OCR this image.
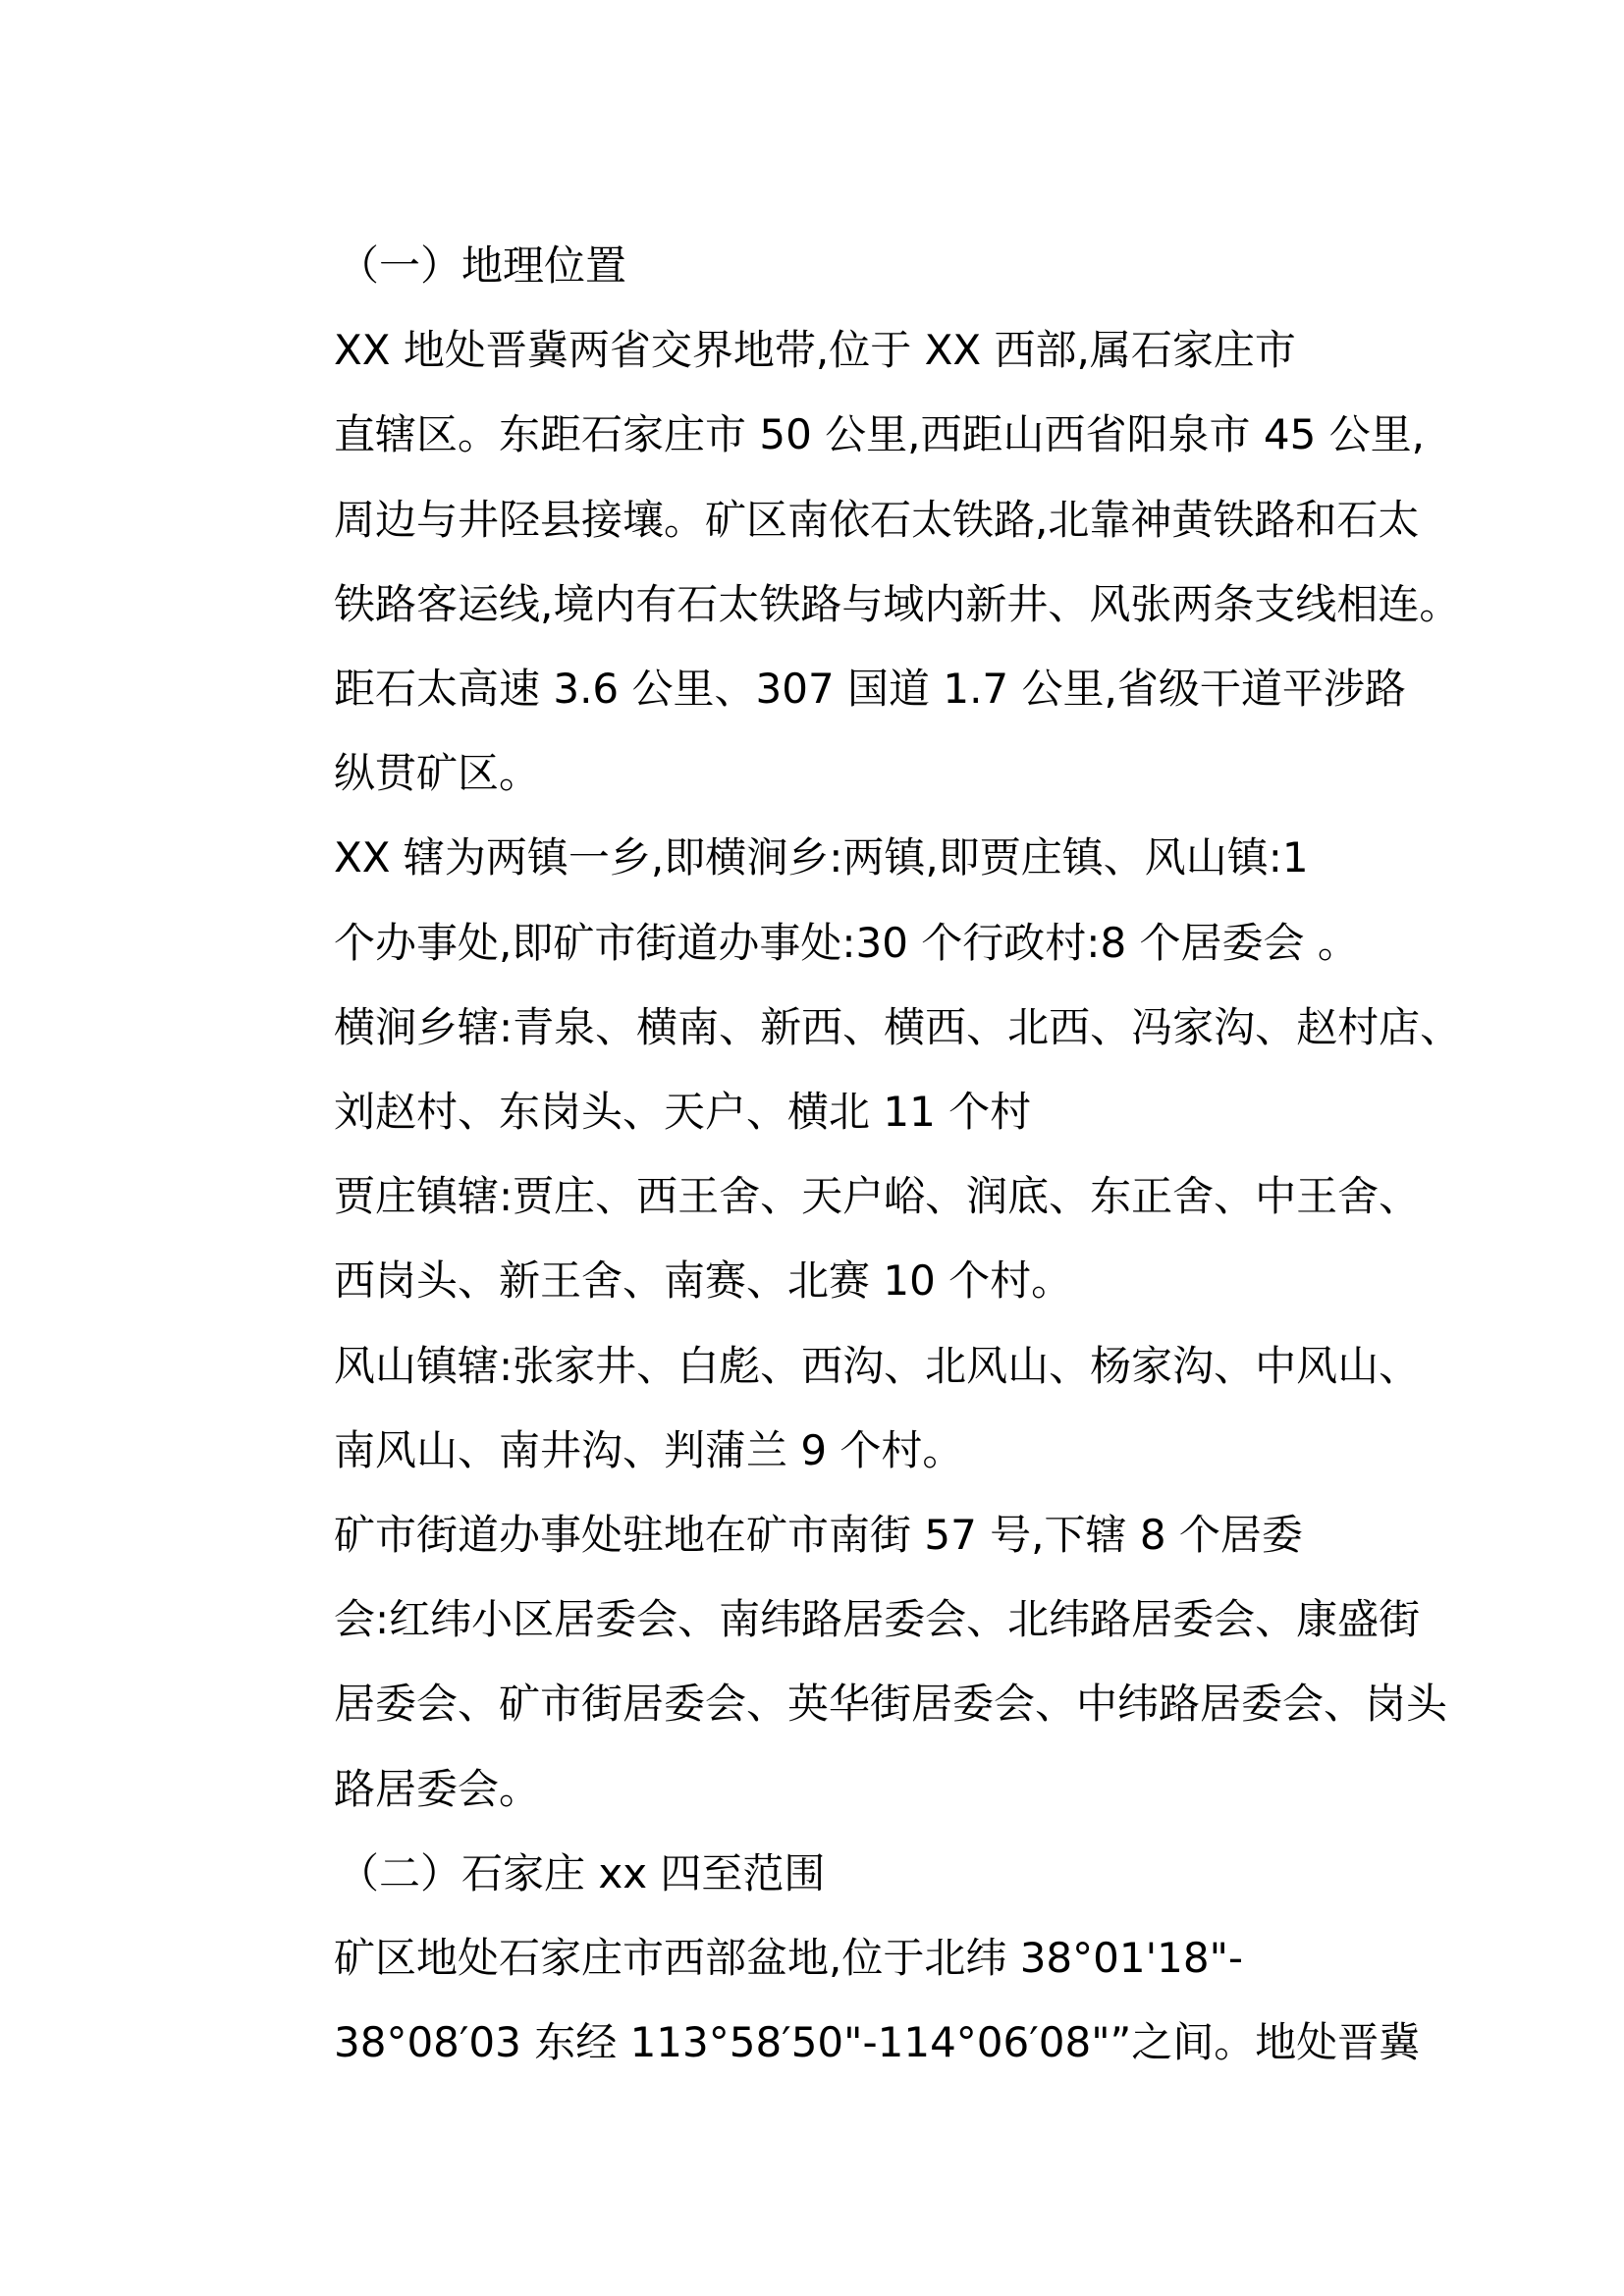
（一）地理位置

XX 地处晋冀两省交界地带,位于 XX 西部,属石家庄市
直辖区。东距石家庄市 50 公里,西距山西省阳泉市 45 公里,
周边与井陉县接壤。矿区南依石太铁路,北靠神黄铁路和石太
铁路客运线,境内有石太铁路与域内新井、风张两条支线相连。
距石太高速 3.6 公里、307 国道 1.7 公里,省级干道平涉路
纵贯矿区。

XX 辖为两镇一乡,即横涧乡:两镇,即贾庄镇、风山镇:1
个办事处,即矿市街道办事处:30 个行政村:8 个居委会 。

横涧乡辖:青泉、横南、新西、横西、北西、冯家沟、赵村店、
刘赵村、东岗头、天户、横北 11 个村

贾庄镇辖:贾庄、西王舍、天户峪、润底、东正舍、中王舍、
西岗头、新王舍、南赛、北赛 10 个村。

风山镇辖:张家井、白彪、西沟、北风山、杨家沟、中风山、
南风山、南井沟、判蒲兰 9 个村。

矿市街道办事处驻地在矿市南街 57 号,下辖 8 个居委
会:红纬小区居委会、南纬路居委会、北纬路居委会、康盛街
居委会、矿市街居委会、英华街居委会、中纬路居委会、岗头
路居委会。

（二）石家庄 xx 四至范围

矿区地处石家庄市西部盆地,位于北纬 38°01'18"-
38°08′03 东经 113°58′50"-114°06′08"”之间。地处晋冀
